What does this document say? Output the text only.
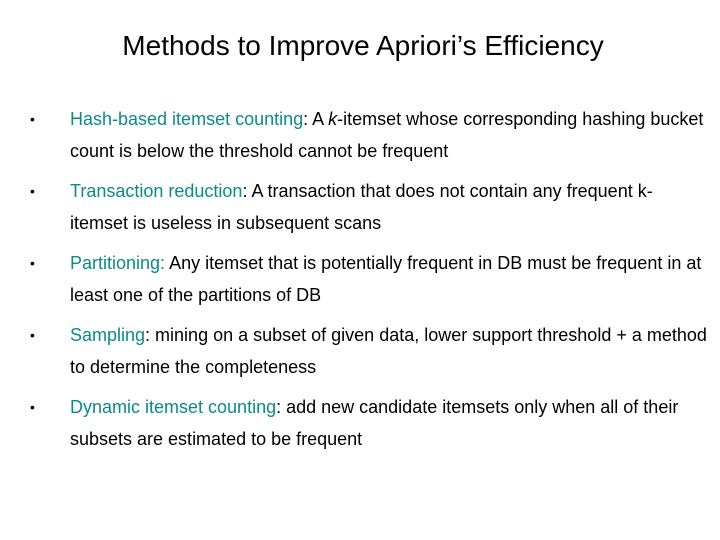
Methods to Improve Apriori’s Efficiency
•	Hash-based itemset counting: A k-itemset whose corresponding hashing bucket count is below the threshold cannot be frequent
•	Transaction reduction: A transaction that does not contain any frequent k-itemset is useless in subsequent scans
•	Partitioning: Any itemset that is potentially frequent in DB must be frequent in at least one of the partitions of DB
•	Sampling: mining on a subset of given data, lower support threshold + a method to determine the completeness
•	Dynamic itemset counting: add new candidate itemsets only when all of their subsets are estimated to be frequent
